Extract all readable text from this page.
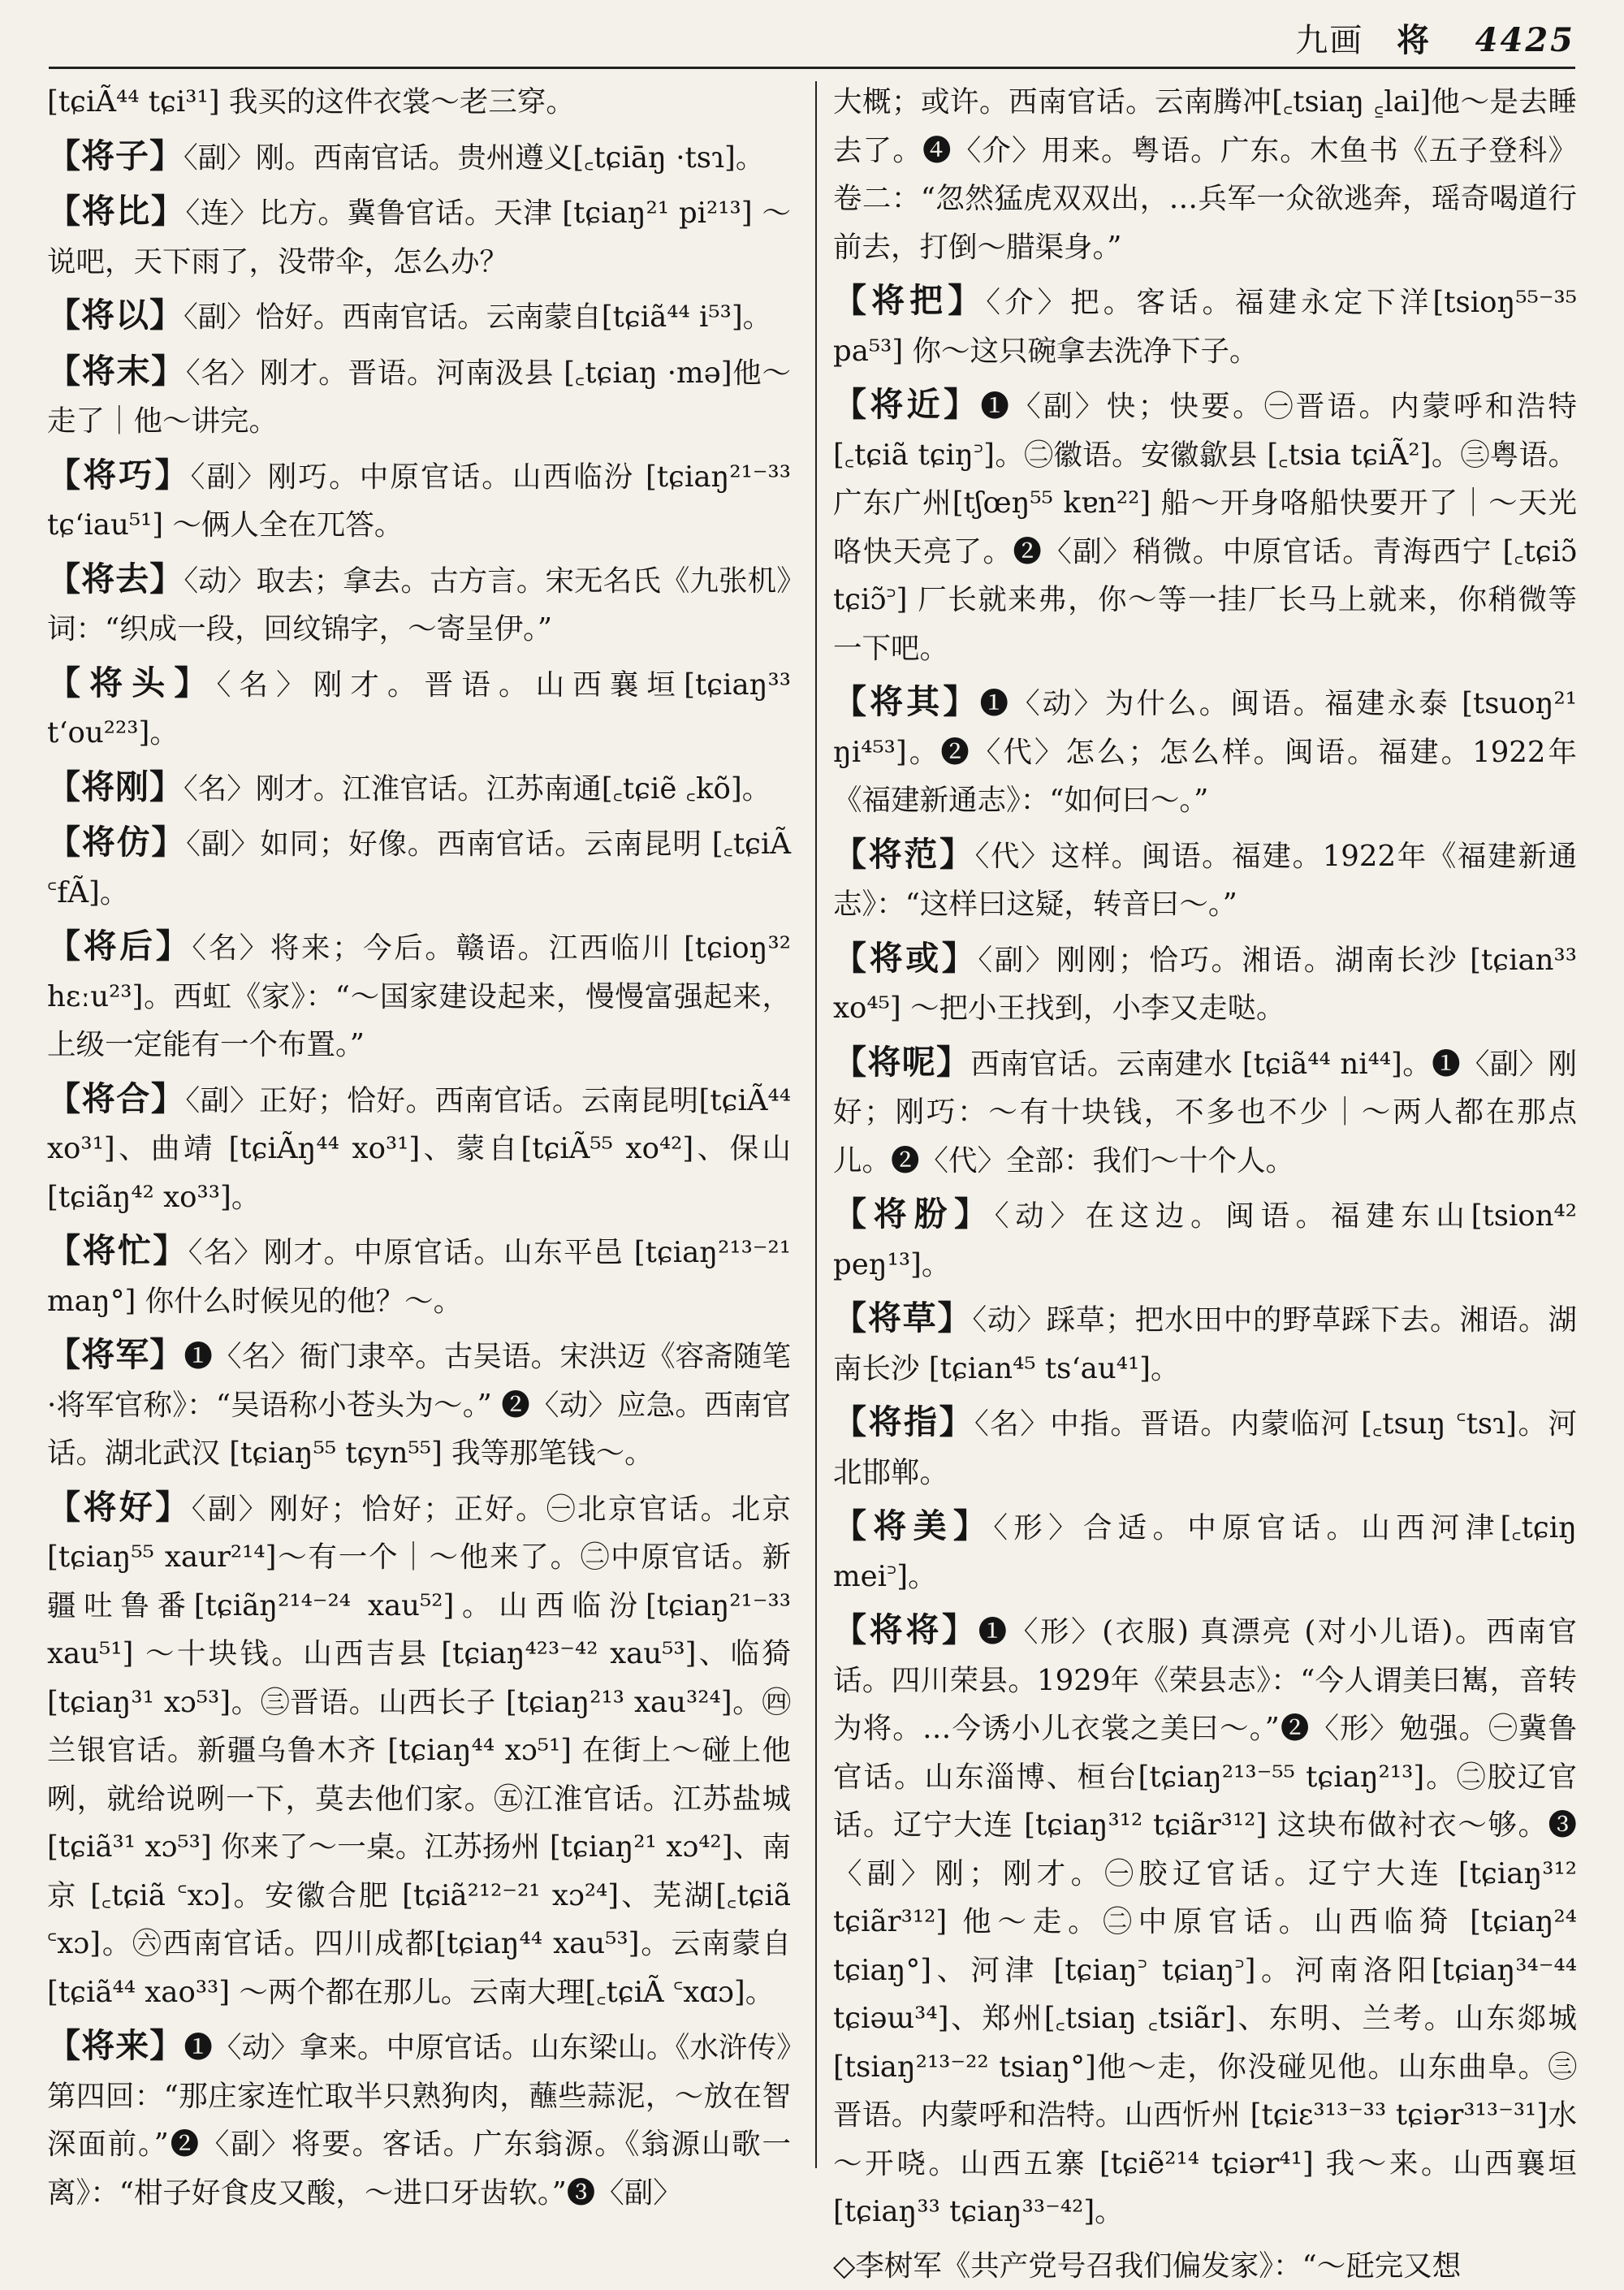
九画 将 4425

[tɕiÃ⁴⁴ tɕi³¹] 我买的这件衣裳～老三穿。

【将子】〈副〉刚。西南官话。贵州遵义[꜀tɕiāŋ ·tsɿ]。

【将比】〈连〉比方。冀鲁官话。天津 [tɕiaŋ²¹ pi²¹³] ～说吧，天下雨了，没带伞，怎么办？

【将以】〈副〉恰好。西南官话。云南蒙自[tɕiã⁴⁴ i⁵³]。

【将末】〈名〉刚才。晋语。河南汲县 [꜀tɕiaŋ ·mə]他～走了｜他～讲完。

【将巧】〈副〉刚巧。中原官话。山西临汾 [tɕiaŋ²¹⁻³³ tɕʻiau⁵¹] ～俩人全在兀答。

【将去】〈动〉取去；拿去。古方言。宋无名氏《九张机》词：“织成一段，回纹锦字，～寄呈伊。”

【将头】〈名〉刚才。晋语。山西襄垣[tɕiaŋ³³ tʻou²²³]。

【将刚】〈名〉刚才。江淮官话。江苏南通[꜀tɕiẽ ꜀kõ]。

【将仿】〈副〉如同；好像。西南官话。云南昆明 [꜀tɕiÃ ꜂fÃ]。

【将后】〈名〉将来；今后。赣语。江西临川 [tɕioŋ³² hɛːu²³]。西虹《家》：“～国家建设起来，慢慢富强起来，上级一定能有一个布置。”

【将合】〈副〉正好；恰好。西南官话。云南昆明[tɕiÃ⁴⁴ xo³¹]、曲靖 [tɕiÃŋ⁴⁴ xo³¹]、蒙自[tɕiÃ⁵⁵ xo⁴²]、保山 [tɕiãŋ⁴² xo³³]。

【将忙】〈名〉刚才。中原官话。山东平邑 [tɕiaŋ²¹³⁻²¹ maŋ°] 你什么时候见的他？～。

【将军】❶〈名〉衙门隶卒。古吴语。宋洪迈《容斋随笔·将军官称》：“吴语称小苍头为～。” ❷〈动〉应急。西南官话。湖北武汉 [tɕiaŋ⁵⁵ tɕyn⁵⁵] 我等那笔钱～。

【将好】〈副〉刚好；恰好；正好。㊀北京官话。北京 [tɕiaŋ⁵⁵ xaur²¹⁴]～有一个｜～他来了。㊁中原官话。新疆吐鲁番[tɕiãŋ²¹⁴⁻²⁴ xau⁵²]。山西临汾[tɕiaŋ²¹⁻³³ xau⁵¹] ～十块钱。山西吉县 [tɕiaŋ⁴²³⁻⁴² xau⁵³]、临猗 [tɕiaŋ³¹ xɔ⁵³]。㊂晋语。山西长子 [tɕiaŋ²¹³ xau³²⁴]。㊃兰银官话。新疆乌鲁木齐 [tɕiaŋ⁴⁴ xɔ⁵¹] 在街上～碰上他咧，就给说咧一下，莫去他们家。㊄江淮官话。江苏盐城 [tɕiã³¹ xɔ⁵³] 你来了～一桌。江苏扬州 [tɕiaŋ²¹ xɔ⁴²]、南京 [꜀tɕiã ꜂xɔ]。安徽合肥 [tɕiã²¹²⁻²¹ xɔ²⁴]、芜湖[꜀tɕiã ꜂xɔ]。㊅西南官话。四川成都[tɕiaŋ⁴⁴ xau⁵³]。云南蒙自[tɕiã⁴⁴ xao³³] ～两个都在那儿。云南大理[꜀tɕiÃ ꜂xɑɔ]。

【将来】❶〈动〉拿来。中原官话。山东梁山。《水浒传》第四回：“那庄家连忙取半只熟狗肉，蘸些蒜泥，～放在智深面前。”❷〈副〉将要。客话。广东翁源。《翁源山歌一离》：“柑子好食皮又酸，～进口牙齿软。”❸〈副〉

大概；或许。西南官话。云南腾冲[꜀tsiaŋ ꜁lai]他～是去睡去了。❹〈介〉用来。粤语。广东。木鱼书《五子登科》卷二：“忽然猛虎双双出，…兵军一众欲逃奔，瑶奇喝道行前去，打倒～腊渠身。”

【将把】〈介〉把。客话。福建永定下洋[tsioŋ⁵⁵⁻³⁵ pa⁵³] 你～这只碗拿去洗净下子。

【将近】❶〈副〉快；快要。㊀晋语。内蒙呼和浩特 [꜀tɕiã tɕiŋ꜄]。㊁徽语。安徽歙县 [꜀tsia tɕiÃ²]。㊂粤语。广东广州[tʃœŋ⁵⁵ kɐn²²] 船～开身咯船快要开了｜～天光咯快天亮了。❷〈副〉稍微。中原官话。青海西宁 [꜀tɕiɔ̃ tɕiɔ̃꜄] 厂长就来弗，你～等一挂厂长马上就来，你稍微等一下吧。

【将其】❶〈动〉为什么。闽语。福建永泰 [tsuoŋ²¹ ŋi⁴⁵³]。❷〈代〉怎么；怎么样。闽语。福建。1922年《福建新通志》：“如何曰～。”

【将范】〈代〉这样。闽语。福建。1922年《福建新通志》：“这样曰这疑，转音曰～。”

【将或】〈副〉刚刚；恰巧。湘语。湖南长沙 [tɕian³³ xo⁴⁵] ～把小王找到，小李又走哒。

【将呢】西南官话。云南建水 [tɕiã⁴⁴ ni⁴⁴]。❶〈副〉刚好；刚巧：～有十块钱，不多也不少｜～两人都在那点儿。❷〈代〉全部：我们～十个人。

【将肦】〈动〉在这边。闽语。福建东山[tsion⁴² peŋ¹³]。

【将草】〈动〉踩草；把水田中的野草踩下去。湘语。湖南长沙 [tɕian⁴⁵ tsʻau⁴¹]。

【将指】〈名〉中指。晋语。内蒙临河 [꜀tsuŋ ꜂tsɿ]。河北邯郸。

【将美】〈形〉合适。中原官话。山西河津[꜀tɕiŋ mei꜄]。

【将将】❶〈形〉(衣服) 真漂亮 (对小儿语)。西南官话。四川荣县。1929年《荣县志》：“今人谓美曰嶲，音转为将。…今诱小儿衣裳之美曰～。”❷〈形〉勉强。㊀冀鲁官话。山东淄博、桓台[tɕiaŋ²¹³⁻⁵⁵ tɕiaŋ²¹³]。㊁胶辽官话。辽宁大连 [tɕiaŋ³¹² tɕiãr³¹²] 这块布做衬衣～够。❸〈副〉刚；刚才。㊀胶辽官话。辽宁大连 [tɕiaŋ³¹² tɕiãr³¹²] 他～走。㊁中原官话。山西临猗 [tɕiaŋ²⁴ tɕiaŋ°]、河津 [tɕiaŋ꜄ tɕiaŋ꜄]。河南洛阳[tɕiaŋ³⁴⁻⁴⁴ tɕiəɯ³⁴]、郑州[꜀tsiaŋ ꜀tsiãr]、东明、兰考。山东郯城 [tsiaŋ²¹³⁻²² tsiaŋ°]他～走，你没碰见他。山东曲阜。㊂晋语。内蒙呼和浩特。山西忻州 [tɕiɛ³¹³⁻³³ tɕiər³¹³⁻³¹]水～开哓。山西五寨 [tɕiẽ²¹⁴ tɕiər⁴¹] 我～来。山西襄垣 [tɕiaŋ³³ tɕiaŋ³³⁻⁴²]。

◇李树军《共产党号召我们偏发家》：“～瓩完又想
